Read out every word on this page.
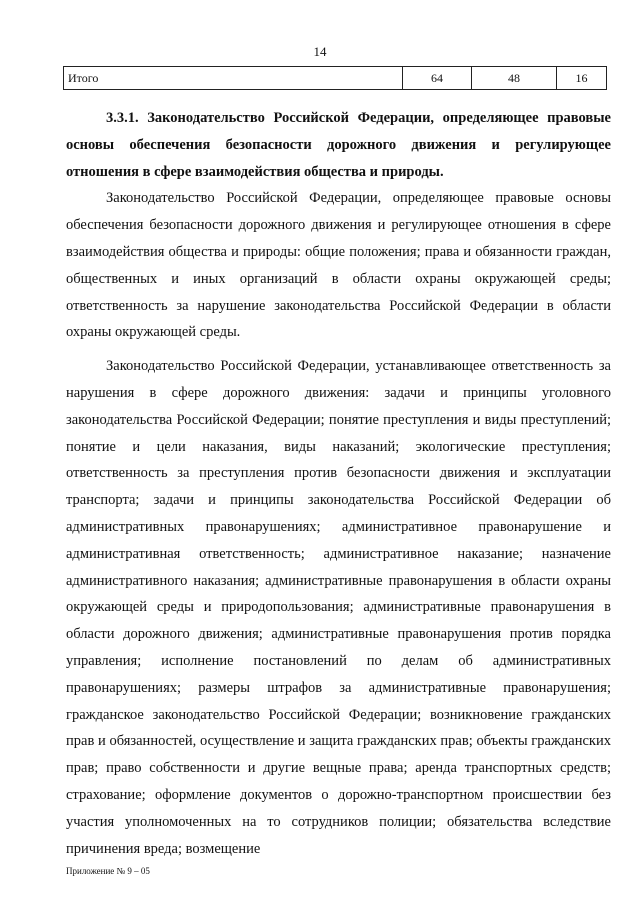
14
Итого	64	48	16

3.3.1. Законодательство Российской Федерации, определяющее правовые основы обеспечения безопасности дорожного движения и регулирующее отношения в сфере взаимодействия общества и природы.

Законодательство Российской Федерации, определяющее правовые основы обеспечения безопасности дорожного движения и регулирующее отношения в сфере взаимодействия общества и природы: общие положения; права и обязанности граждан, общественных и иных организаций в области охраны окружающей среды; ответственность за нарушение законодательства Российской Федерации в области охраны окружающей среды.

Законодательство Российской Федерации, устанавливающее ответственность за нарушения в сфере дорожного движения: задачи и принципы уголовного законодательства Российской Федерации; понятие преступления и виды преступлений; понятие и цели наказания, виды наказаний; экологические преступления; ответственность за преступления против безопасности движения и эксплуатации транспорта; задачи и принципы законодательства Российской Федерации об административных правонарушениях; административное правонарушение и административная ответственность; административное наказание; назначение административного наказания; административные правонарушения в области охраны окружающей среды и природопользования; административные правонарушения в области дорожного движения; административные правонарушения против порядка управления; исполнение постановлений по делам об административных правонарушениях; размеры штрафов за административные правонарушения; гражданское законодательство Российской Федерации; возникновение гражданских прав и обязанностей, осуществление и защита гражданских прав; объекты гражданских прав; право собственности и другие вещные права; аренда транспортных средств; страхование; оформление документов о дорожно-транспортном происшествии без участия уполномоченных на то сотрудников полиции; обязательства вследствие причинения вреда; возмещение

Приложение № 9 – 05
